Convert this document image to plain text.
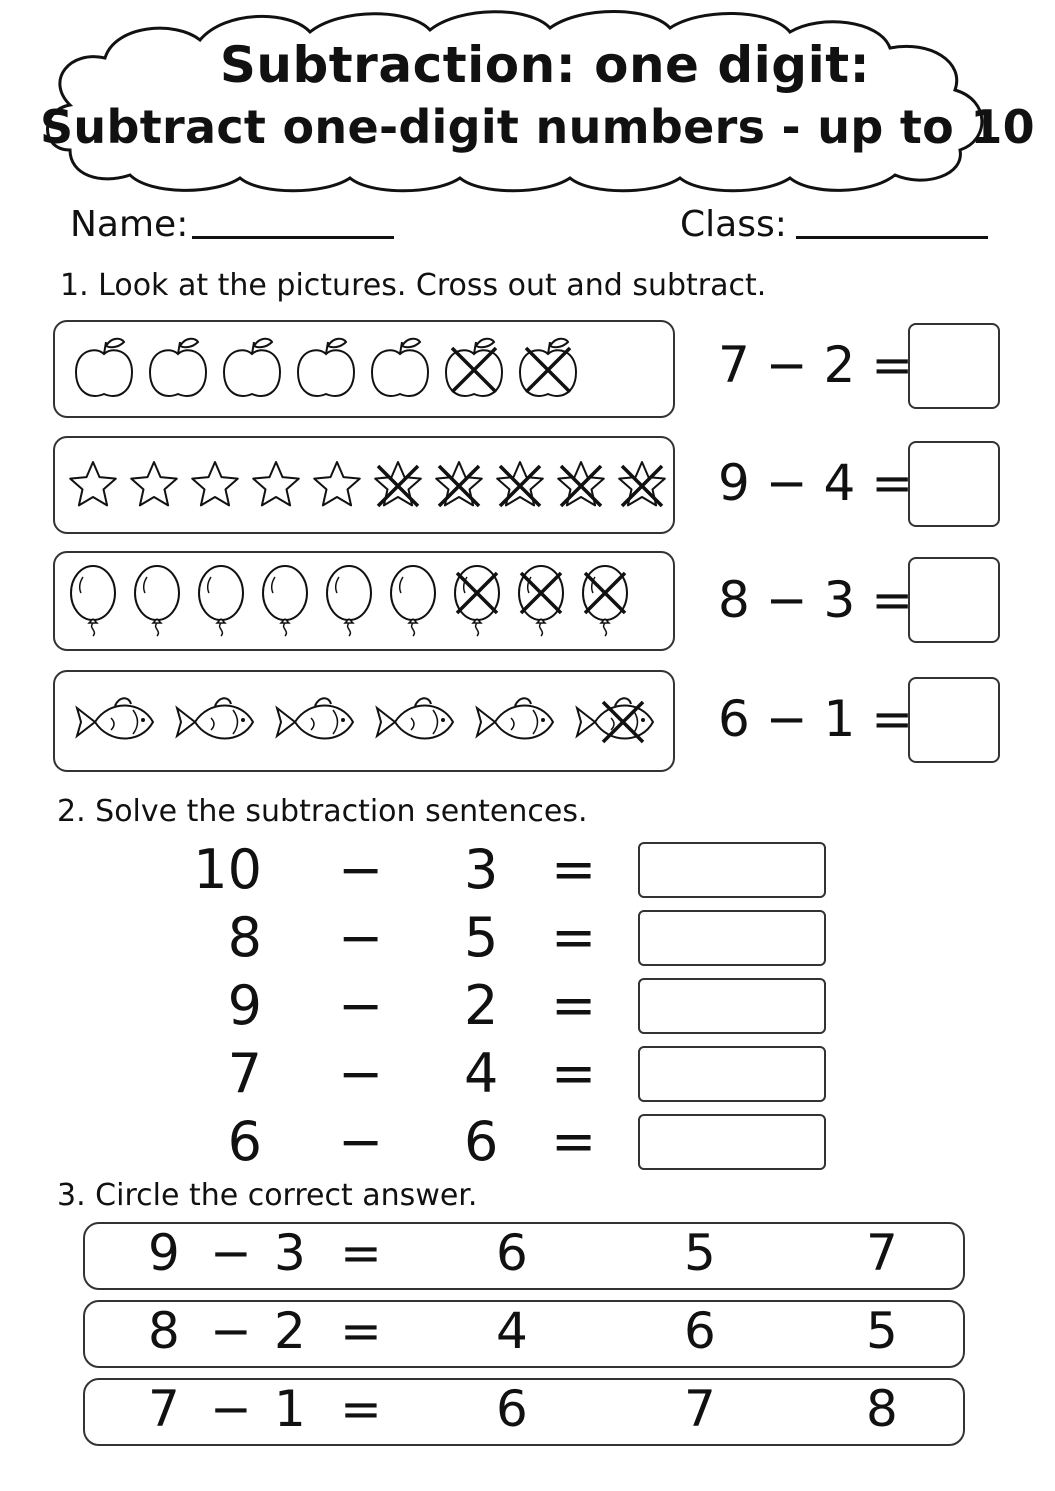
Subtraction: one digit:
Subtract one-digit numbers - up to 10
Name:	Class:
1. Look at the pictures. Cross out and subtract.
7 − 2 =
9 − 4 =
8 − 3 =
6 − 1 =
2. Solve the subtraction sentences.
10 − 3 =
8 − 5 =
9 − 2 =
7 − 4 =
6 − 6 =
3. Circle the correct answer.
9 − 3 = 6	5	7
8 − 2 = 4	6	5
7 − 1 = 6	7	8
